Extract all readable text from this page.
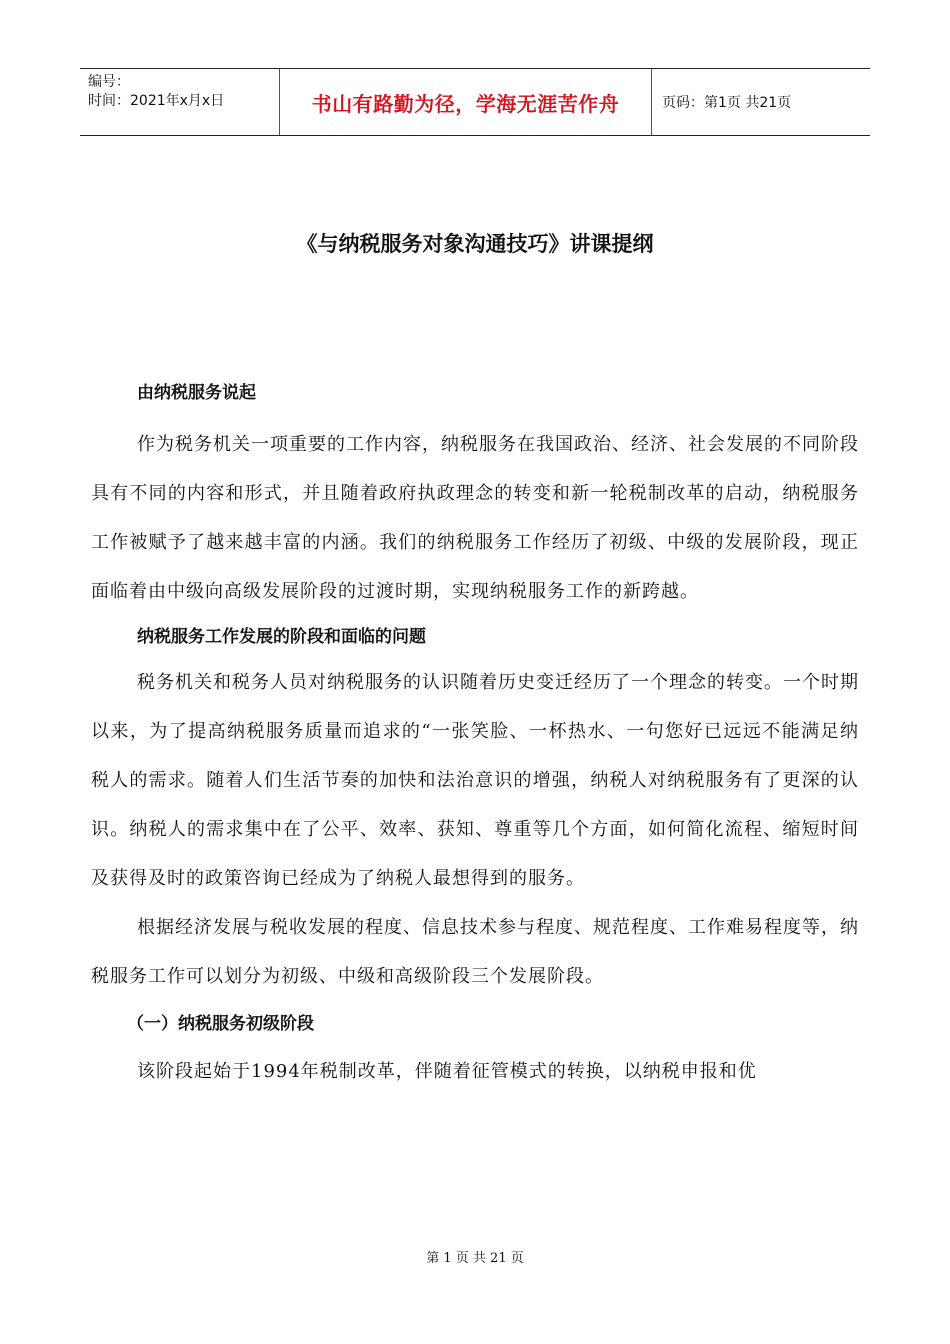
编号：
时间：2021年x月x日	书山有路勤为径，学海无涯苦作舟	页码：第1页 共21页
《与纳税服务对象沟通技巧》讲课提纲
由纳税服务说起

作为税务机关一项重要的工作内容，纳税服务在我国政治、经济、社会发展的不同阶段具有不同的内容和形式，并且随着政府执政理念的转变和新一轮税制改革的启动，纳税服务工作被赋予了越来越丰富的内涵。我们的纳税服务工作经历了初级、中级的发展阶段，现正面临着由中级向高级发展阶段的过渡时期，实现纳税服务工作的新跨越。

纳税服务工作发展的阶段和面临的问题

税务机关和税务人员对纳税服务的认识随着历史变迁经历了一个理念的转变。一个时期以来，为了提高纳税服务质量而追求的“一张笑脸、一杯热水、一句您好已远远不能满足纳税人的需求。随着人们生活节奏的加快和法治意识的增强，纳税人对纳税服务有了更深的认识。纳税人的需求集中在了公平、效率、获知、尊重等几个方面，如何简化流程、缩短时间及获得及时的政策咨询已经成为了纳税人最想得到的服务。

根据经济发展与税收发展的程度、信息技术参与程度、规范程度、工作难易程度等，纳税服务工作可以划分为初级、中级和高级阶段三个发展阶段。

（一）纳税服务初级阶段

该阶段起始于1994年税制改革，伴随着征管模式的转换，以纳税申报和优

第 1 页 共 21 页
